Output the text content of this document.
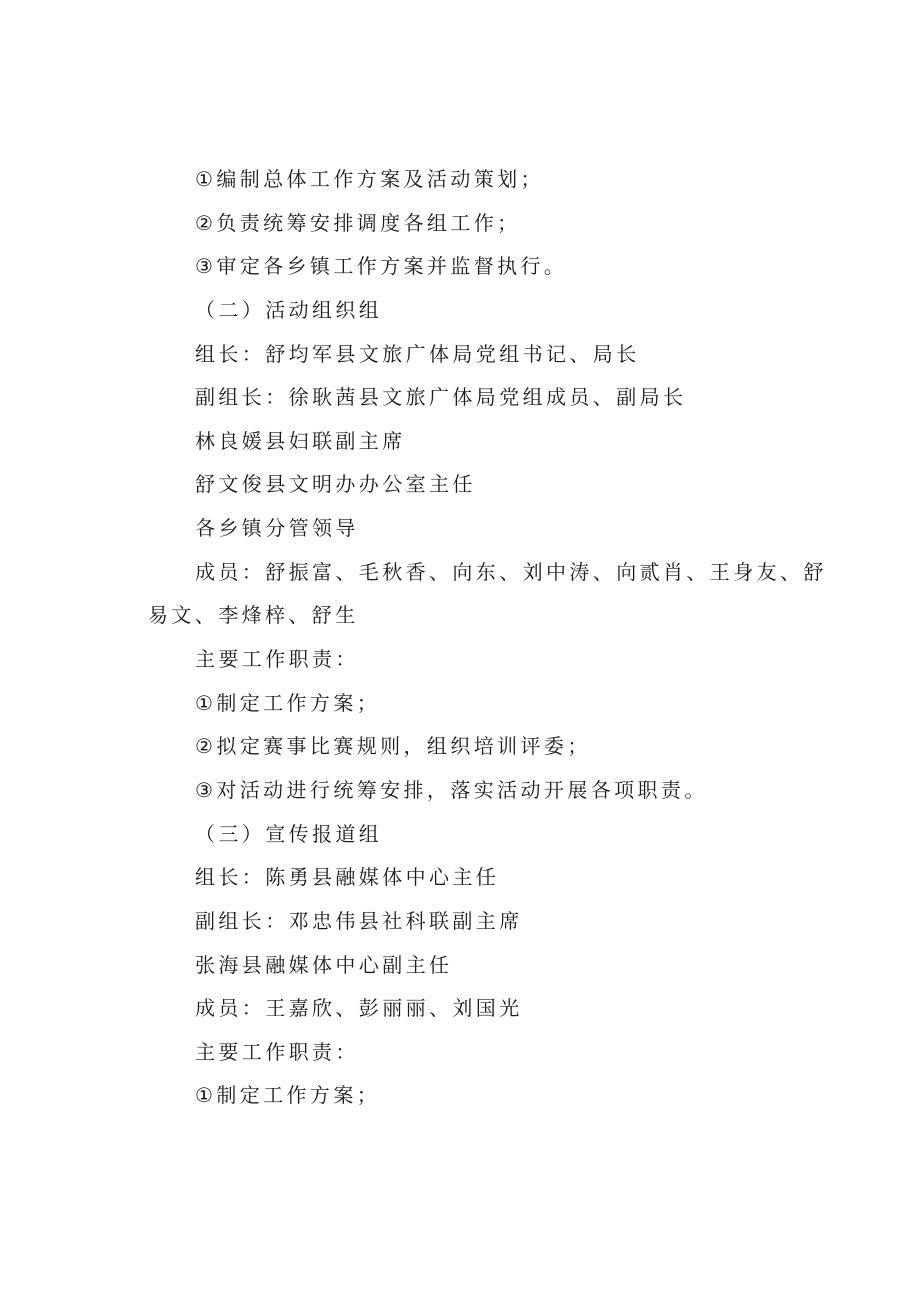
①编制总体工作方案及活动策划；
②负责统筹安排调度各组工作；
③审定各乡镇工作方案并监督执行。
（二）活动组织组
组长：舒均军县文旅广体局党组书记、局长
副组长：徐耿茜县文旅广体局党组成员、副局长
林良媛县妇联副主席
舒文俊县文明办办公室主任
各乡镇分管领导
成员：舒振富、毛秋香、向东、刘中涛、向贰肖、王身友、舒
易文、李烽梓、舒生
主要工作职责：
①制定工作方案；
②拟定赛事比赛规则，组织培训评委；
③对活动进行统筹安排，落实活动开展各项职责。
（三）宣传报道组
组长：陈勇县融媒体中心主任
副组长：邓忠伟县社科联副主席
张海县融媒体中心副主任
成员：王嘉欣、彭丽丽、刘国光
主要工作职责：
①制定工作方案；
